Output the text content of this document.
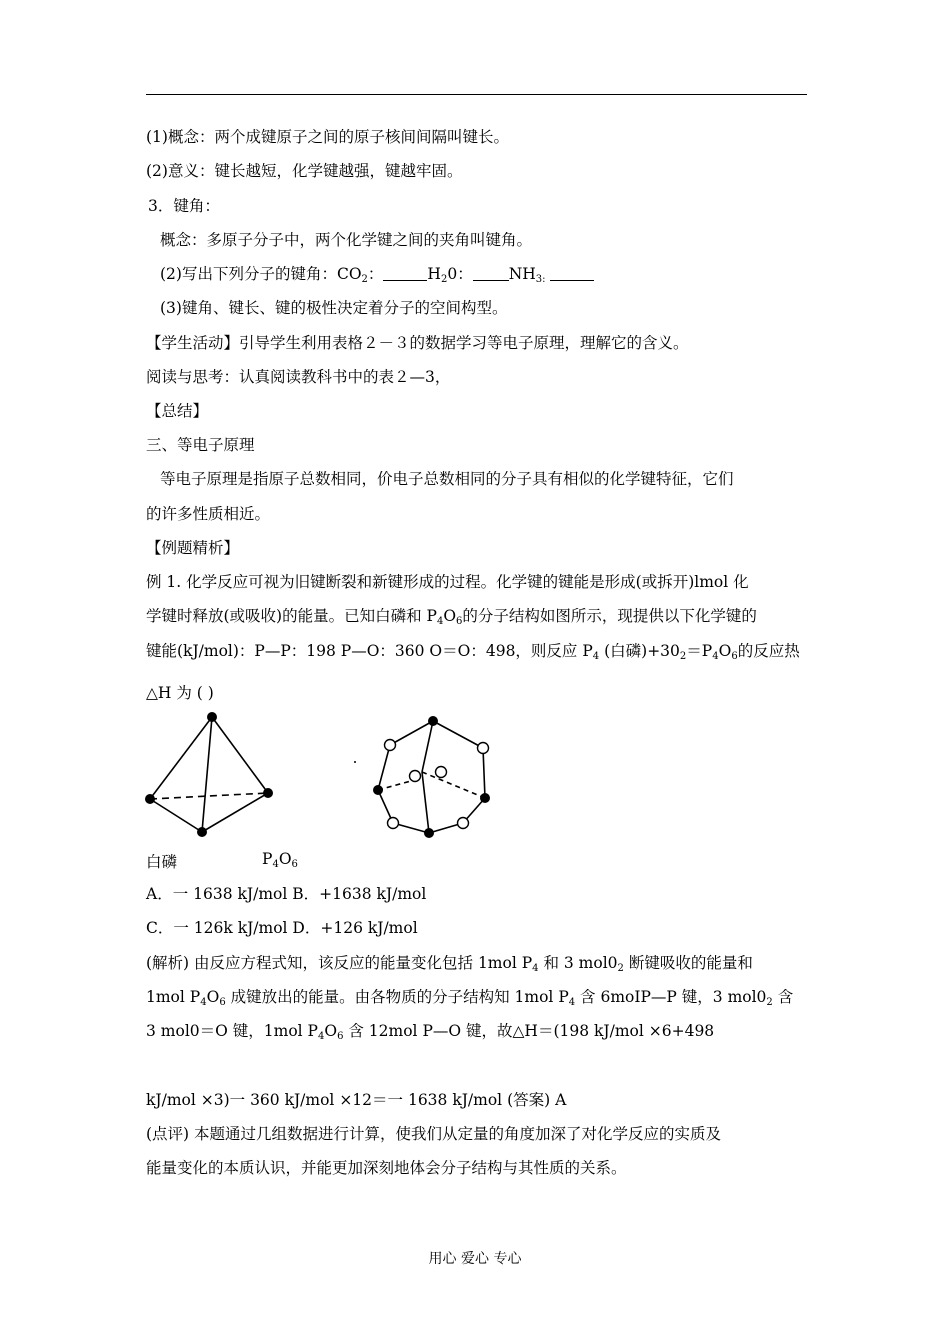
(1)概念：两个成键原子之间的原子核间间隔叫键长。
(2)意义：键长越短，化学键越强，键越牢固。
3．键角：
概念：多原子分子中，两个化学键之间的夹角叫键角。
(2)写出下列分子的键角：$CO_2$：	$H_20$： $NH_{3:}$
(3)键角、键长、键的极性决定着分子的空间构型。
【学生活动】引导学生利用表格２－３的数据学习等电子原理，理解它的含义。
阅读与思考：认真阅读教科书中的表２—3，
【总结】
三、等电子原理
等电子原理是指原子总数相同，价电子总数相同的分子具有相似的化学键特征，它们
的许多性质相近。
【例题精析】
例 1. 化学反应可视为旧键断裂和新键形成的过程。化学键的键能是形成(或拆开)lmol 化
学键时释放(或吸收)的能量。已知白磷和 $P_4O_6$的分子结构如图所示，现提供以下化学键的
键能(kJ/mol)：P—P：198 P—O：360 O＝O：498，则反应 $P_4$ (白磷)$+30_2=P_4O_6$的反应热
△H 为 ( )
白磷	$P_4O_6$
A．一 1638 kJ/mol B．+1638 kJ/mol
C．一 126k kJ/mol D．+126 kJ/mol
(解析) 由反应方程式知，该反应的能量变化包括 1mol $P_4$ 和 3 $mol0_2$ 断键吸收的能量和
1mol $P_4O_6$ 成键放出的能量。由各物质的分子结构知 1mol $P_4$ 含 6moIP—P 键，3 $mol0_2$ 含
3 mol0＝O 键，1mol $P_4O_6$ 含 12mol P—O 键，故△H＝(198 kJ/mol ×6+498
kJ/mol ×3)一 360 kJ/mol ×12＝一 1638 kJ/mol (答案) A
(点评) 本题通过几组数据进行计算，使我们从定量的角度加深了对化学反应的实质及
能量变化的本质认识，并能更加深刻地体会分子结构与其性质的关系。
用心 爱心 专心
